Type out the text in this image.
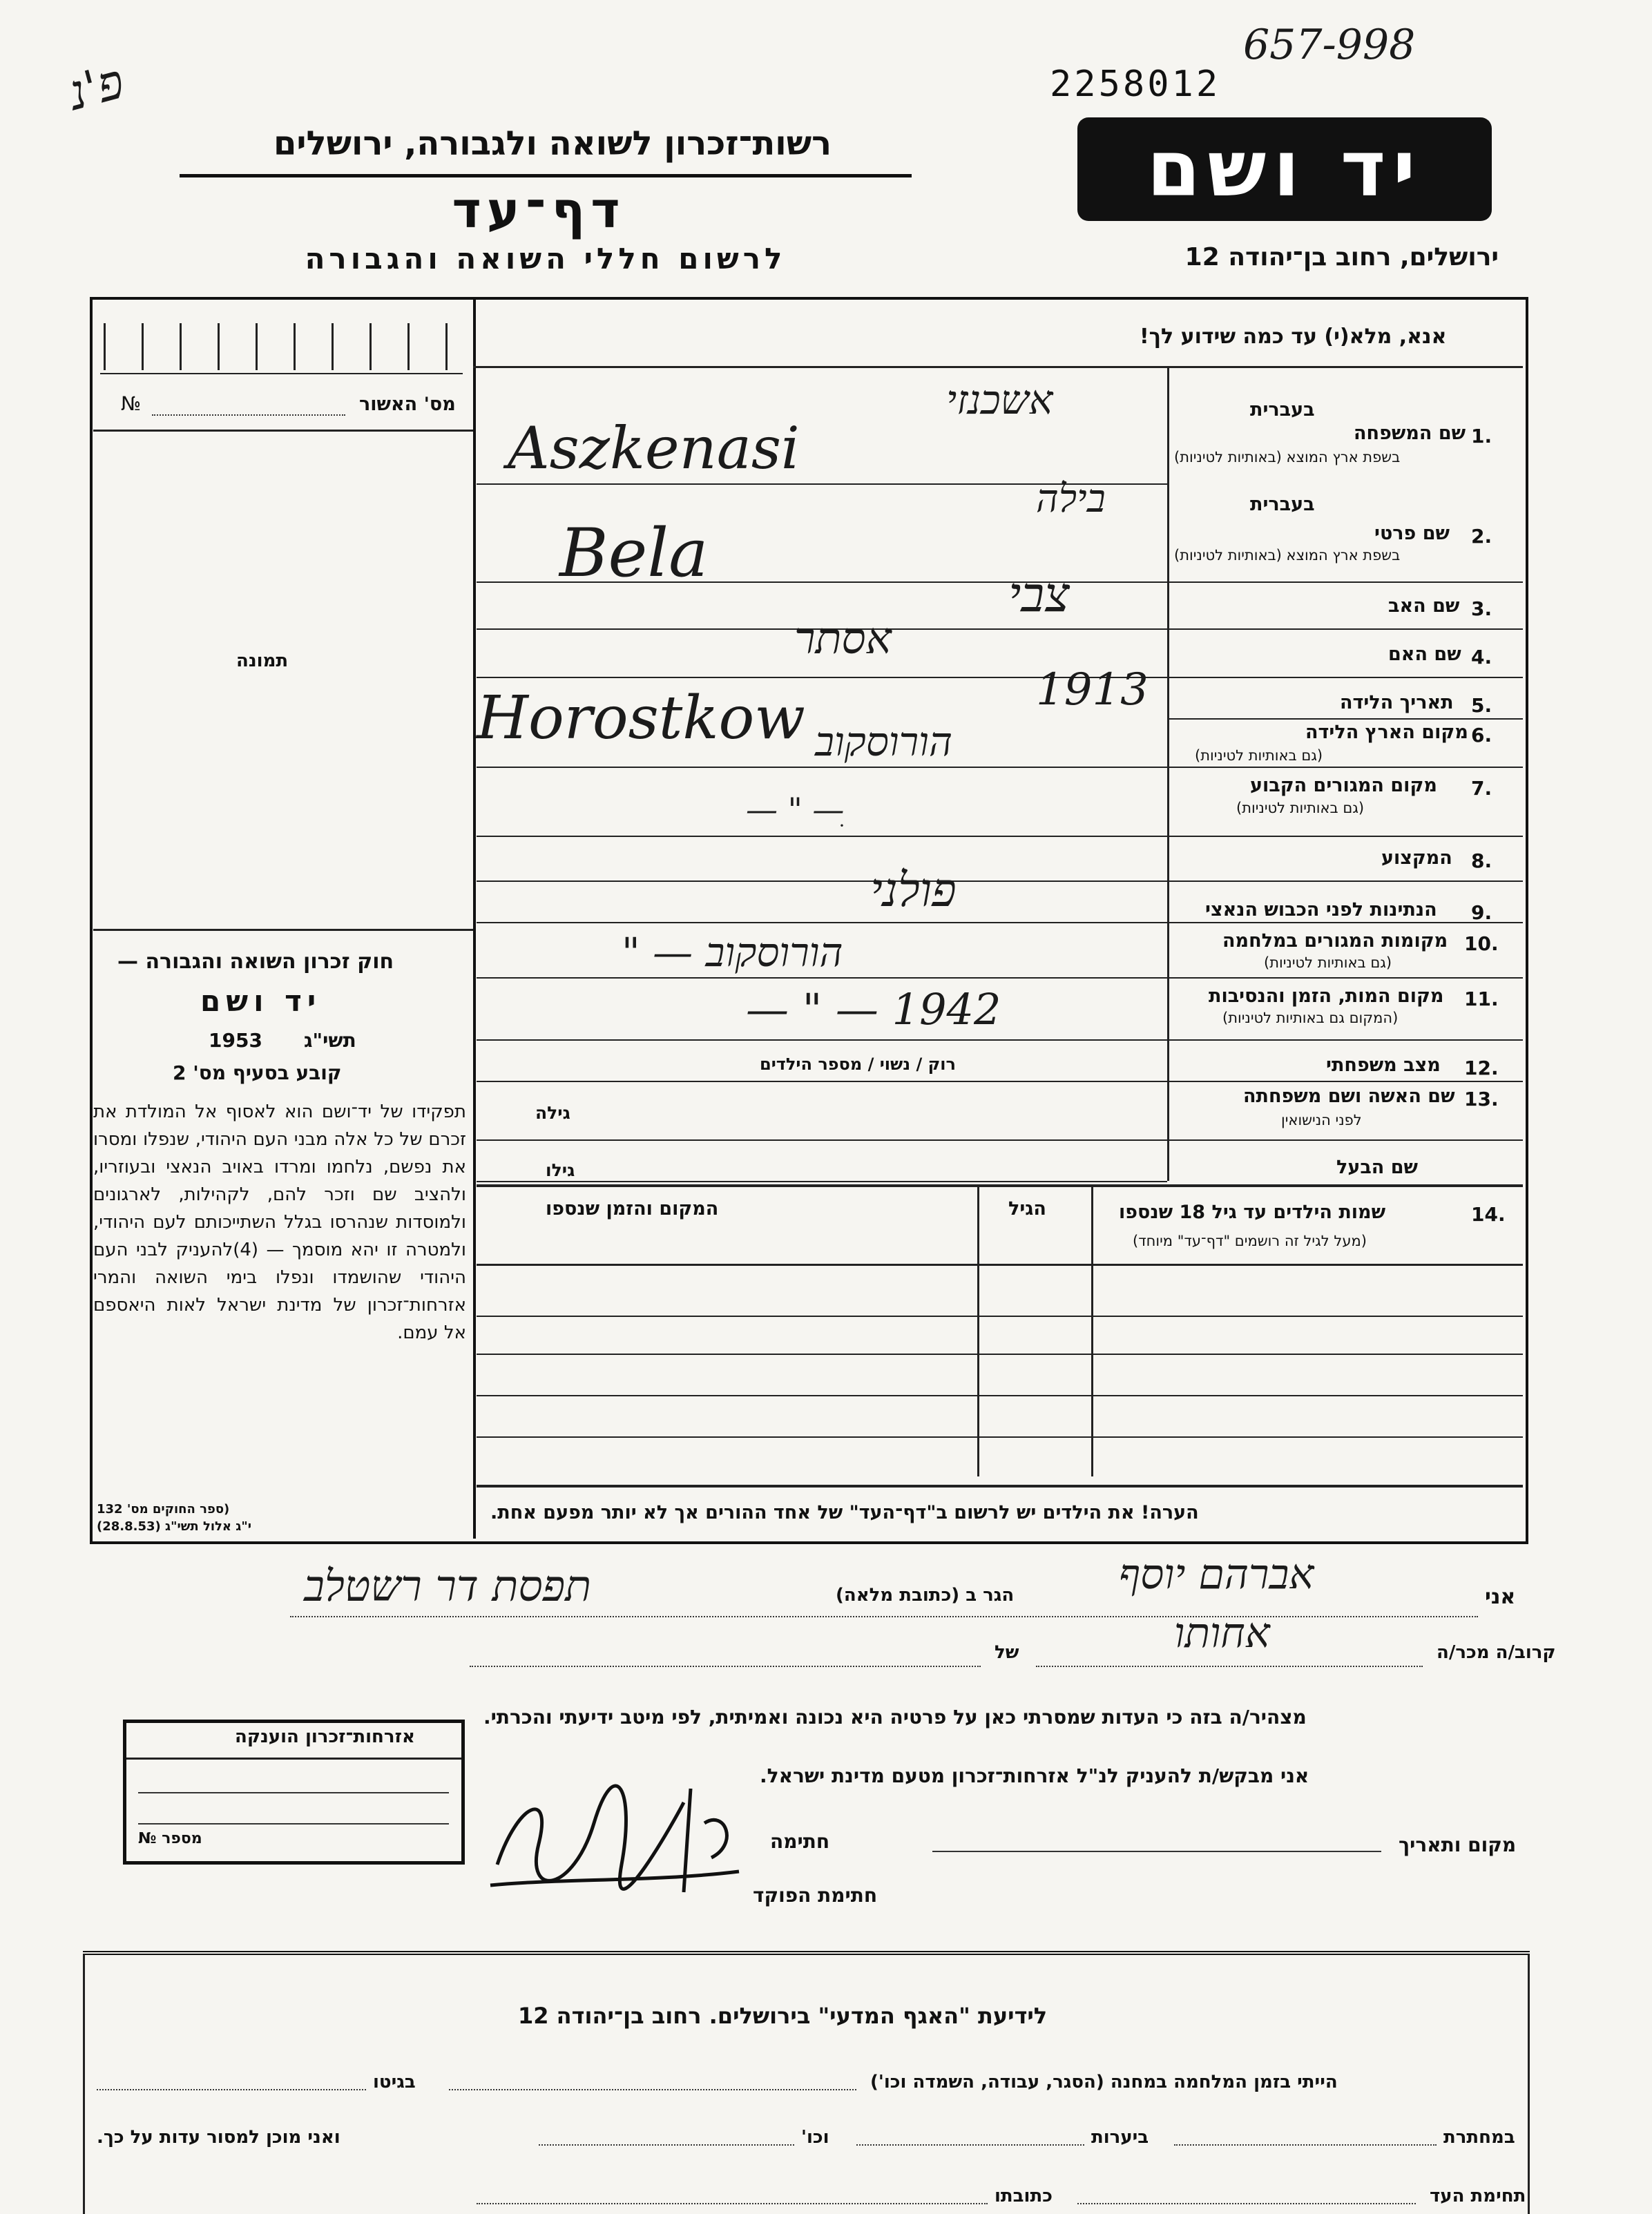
פ'נ
657-998
2258012
יד ושם
רשות־זכרון לשואה ולגבורה, ירושלים
דף־עד
לרשום חללי השואה והגבורה	ירושלים, רחוב בן־יהודה 12
מס' האשור
№
תמונה
חוק זכרון השואה והגבורה —
יד ושם
תשי"ג
1953
קובע בסעיף מס' 2
תפקידו של יד־ושם הוא לאסוף אל המולדת את זכרם של כל אלה מבני העם היהודי, שנפלו ומסרו את נפשם, נלחמו ומרדו באויב הנאצי ובעוזריו, ולהציב שם וזכר להם, לקהילות, לארגונים ולמוסדות שנהרסו בגלל השתייכותם לעם היהודי, ולמטרה זו יהא מוסמך — (4)להעניק לבני העם היהודי שהושמדו ונפלו בימי השואה והמרי אזרחות־זכרון של מדינת ישראל לאות היאספם אל עמם.
(ספר החוקים מס' 132
י"ג אלול תשי"ג (28.8.53)
אנא, מלא(י) עד כמה שידוע לך!
בעברית
1.
שם המשפחה
בשפת ארץ המוצא (באותיות לטיניות)
בעברית
2.
שם פרטי
בשפת ארץ המוצא (באותיות לטיניות)
3.
שם האב
4.
שם האם
5.
תאריך הלידה
6.
מקום הארץ הלידה
(גם באותיות לטיניות)
7.
מקום המגורים הקבוע
(גם באותיות לטיניות)
8.
המקצוע
9.
הנתינות לפני הכבוש הנאצי
10.
מקומות המגורים במלחמה
(גם באותיות לטיניות)
11.
מקום המות, הזמן והנסיבות
(המקום גם באותיות לטיניות)
12.
מצב משפחתי
13.
שם האשה ושם משפחתה
לפני הנישואין
שם הבעל
אשכנזי
Aszkenasi
בילה
Bela
צבי
אסתר
1913
Horostkow הורוסקוב
ׅ— " —
פולני
הורוסקוב — "
1942 — " —
רוק / נשוי / מספר הילדים
גילה
גילו
14.
שמות הילדים עד גיל 18 שנספו
(מעל לגיל זה רושמים "דף־עד" מיוחד)
הגיל
המקום והזמן שנספו
הערה! את הילדים יש לרשום ב"דף־העד" של אחד ההורים אך לא יותר מפעם אחת.
אני
אברהם יוסף
הגר ב (כתובת מלאה)
תפסת דר רשטלב
קרוב/ה מכר/ה
אחותו
של
מצהיר/ה בזה כי העדות שמסרתי כאן על פרטיה היא נכונה ואמיתית, לפי מיטב ידיעתי והכרתי.
אני מבקש/ת להעניק לנ"ל אזרחות־זכרון מטעם מדינת ישראל.
אזרחות־זכרון הוענקה
מספר №	מקום ותאריך
חתימה
חתימת הפוקד
לידיעת "האגף המדעי" בירושלים. רחוב בן־יהודה 12
הייתי בזמן המלחמה במחנה (הסגר, עבודה, השמדה וכו')
בגיטו
במחתרת
ביערות
וכו'
ואני מוכן למסור עדות על כך.
תחימת העד
כתובתו
